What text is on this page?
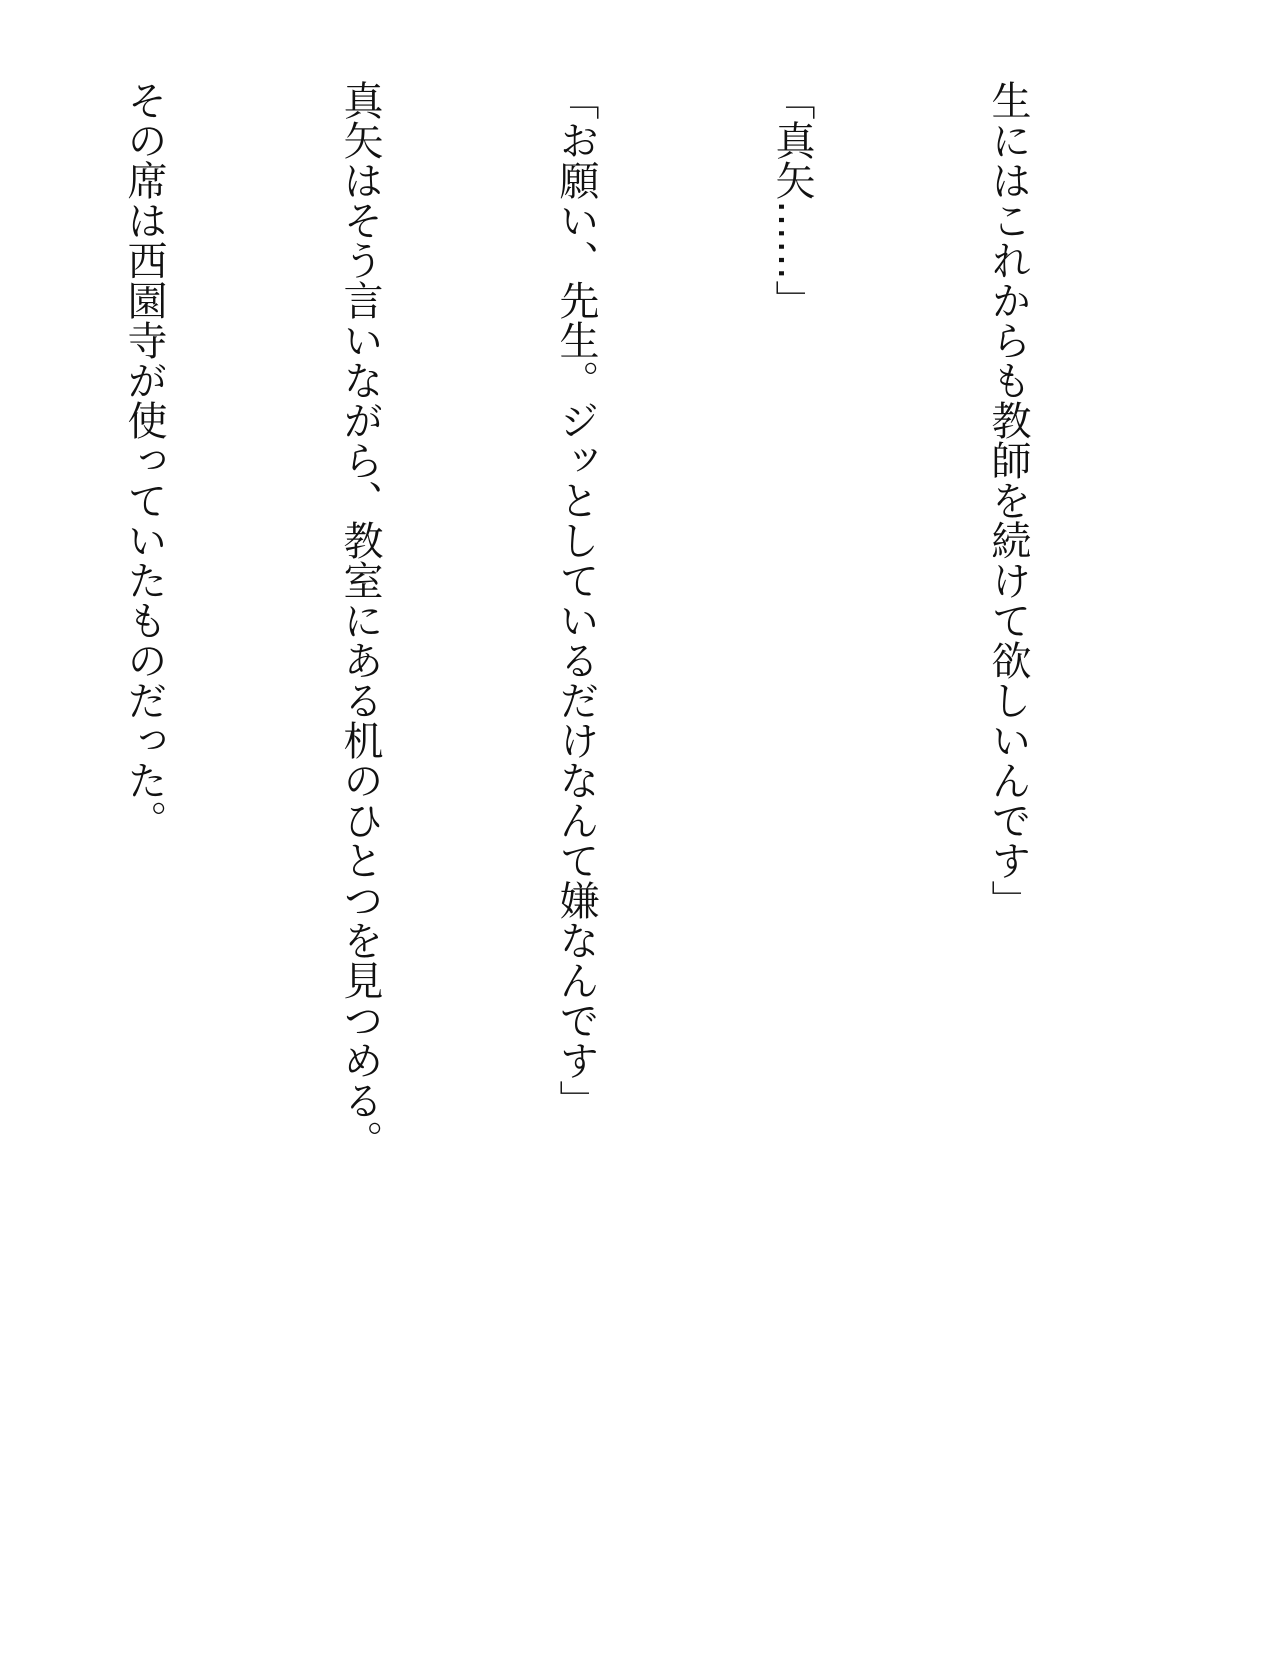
生にはこれからも教師を続けて欲しいんです」

「真矢……」

「お願い、先生。ジッとしているだけなんて嫌なんです」

真矢はそう言いながら、教室にある机のひとつを見つめる。

その席は西園寺が使っていたものだった。
